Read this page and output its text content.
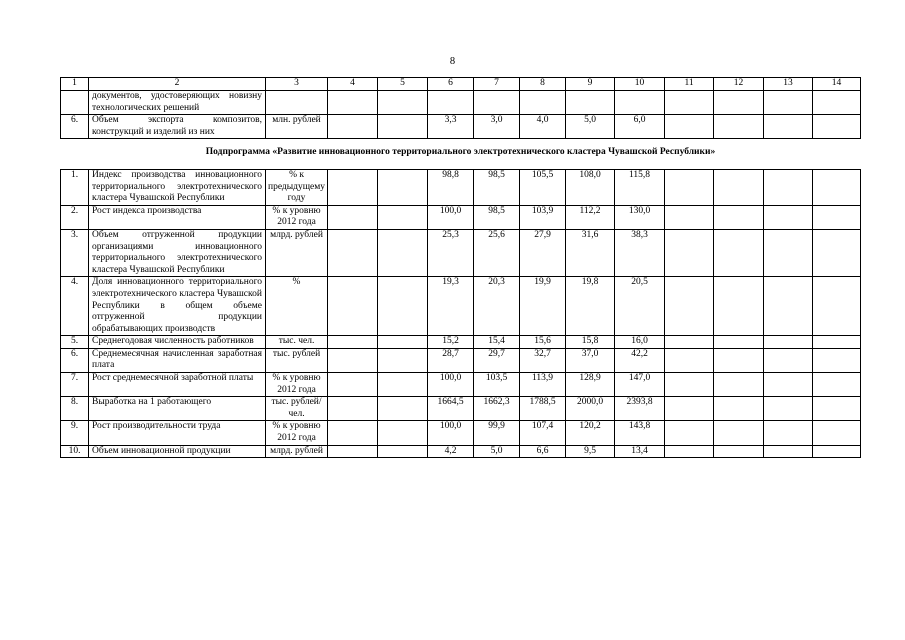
8
1	2	3	4	5	6	7	8	9	10	11	12	13	14
	документов, удостоверяющих новизну технологических решений												
6.	Объем экспорта композитов, конструкций и изделий из них	млн. рублей			3,3	3,0	4,0	5,0	6,0				
Подпрограмма «Развитие инновационного территориального электротехнического кластера Чувашской Республики»													
1.	Индекс производства инновационного территориального электротехнического кластера Чувашской Республики	% к предыдущему году			98,8	98,5	105,5	108,0	115,8				
2.	Рост индекса производства	% к уровню 2012 года			100,0	98,5	103,9	112,2	130,0				
3.	Объем отгруженной продукции организациями инновационного территориального электротехнического кластера Чувашской Республики	млрд. рублей			25,3	25,6	27,9	31,6	38,3				
4.	Доля инновационного территориального электротехнического кластера Чувашской Республики в общем объеме отгруженной продукции обрабатывающих производств	%			19,3	20,3	19,9	19,8	20,5				
5.	Среднегодовая численность работников	тыс. чел.			15,2	15,4	15,6	15,8	16,0				
6.	Среднемесячная начисленная заработная плата	тыс. рублей			28,7	29,7	32,7	37,0	42,2				
7.	Рост среднемесячной заработной платы	% к уровню 2012 года			100,0	103,5	113,9	128,9	147,0				
8.	Выработка на 1 работающего	тыс. рублей/чел.			1664,5	1662,3	1788,5	2000,0	2393,8				
9.	Рост производительности труда	% к уровню 2012 года			100,0	99,9	107,4	120,2	143,8				
10.	Объем инновационной продукции	млрд. рублей			4,2	5,0	6,6	9,5	13,4				
